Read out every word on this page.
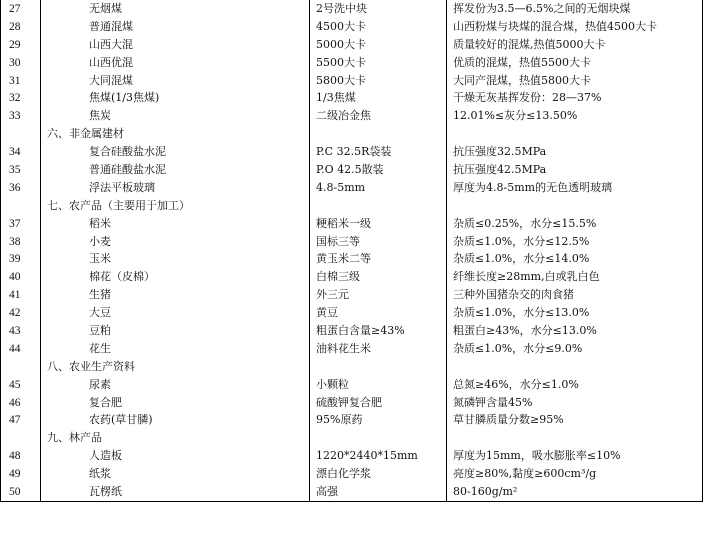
27	无烟煤	2号洗中块	挥发份为3.5—6.5%之间的无烟块煤
28	普通混煤	4500大卡	山西粉煤与块煤的混合煤，热值4500大卡
29	山西大混	5000大卡	质量较好的混煤,热值5000大卡
30	山西优混	5500大卡	优质的混煤，热值5500大卡
31	大同混煤	5800大卡	大同产混煤，热值5800大卡
32	焦煤(1/3焦煤)	1/3焦煤	干燥无灰基挥发份：28—37%
33	焦炭	二级冶金焦	12.01%≤灰分≤13.50%
	六、非金属建材		
34	复合硅酸盐水泥	P.C 32.5R袋装	抗压强度32.5MPa
35	普通硅酸盐水泥	P.O 42.5散装	抗压强度42.5MPa
36	浮法平板玻璃	4.8-5mm	厚度为4.8-5mm的无色透明玻璃
	七、农产品（主要用于加工）		
37	稻米	粳稻米一级	杂质≤0.25%，水分≤15.5%
38	小麦	国标三等	杂质≤1.0%，水分≤12.5%
39	玉米	黄玉米二等	杂质≤1.0%，水分≤14.0%
40	棉花（皮棉）	白棉三级	纤维长度≥28mm,白或乳白色
41	生猪	外三元	三种外国猪杂交的肉食猪
42	大豆	黄豆	杂质≤1.0%，水分≤13.0%
43	豆粕	粗蛋白含量≥43%	粗蛋白≥43%，水分≤13.0%
44	花生	油料花生米	杂质≤1.0%，水分≤9.0%
	八、农业生产资料		
45	尿素	小颗粒	总氮≥46%，水分≤1.0%
46	复合肥	硫酸钾复合肥	氮磷钾含量45%
47	农药(草甘膦)	95%原药	草甘膦质量分数≥95%
	九、林产品		
48	人造板	1220*2440*15mm	厚度为15mm，吸水膨胀率≤10%
49	纸浆	漂白化学浆	亮度≥80%,黏度≥600cm³/g
50	瓦楞纸	高强	80-160g/m²
